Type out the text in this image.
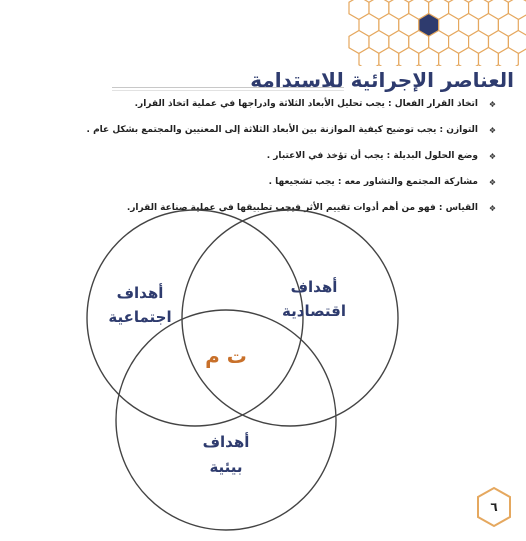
العناصر الإجرائية للاستدامة
❖
اتخاذ القرار الفعال : يجب تحليل الأبعاد الثلاثة وادراجها في عملية اتخاذ القرار.
❖
التوازن : يجب توضيح كيفية الموازنة بين الأبعاد الثلاثة إلى المعنيين والمجتمع بشكل عام .
❖
وضع الحلول البديلة : يجب أن تؤخذ في الاعتبار .
❖
مشاركة المجتمع والتشاور معه : يجب تشجيعها .
❖
القياس : فهو من أهم أدوات تقييم الأثر فيجب تطبيقها في عملية صناعة القرار.
أهداف
اجتماعية
أهداف
اقتصادية
أهداف
بيئية
ت م
٦
